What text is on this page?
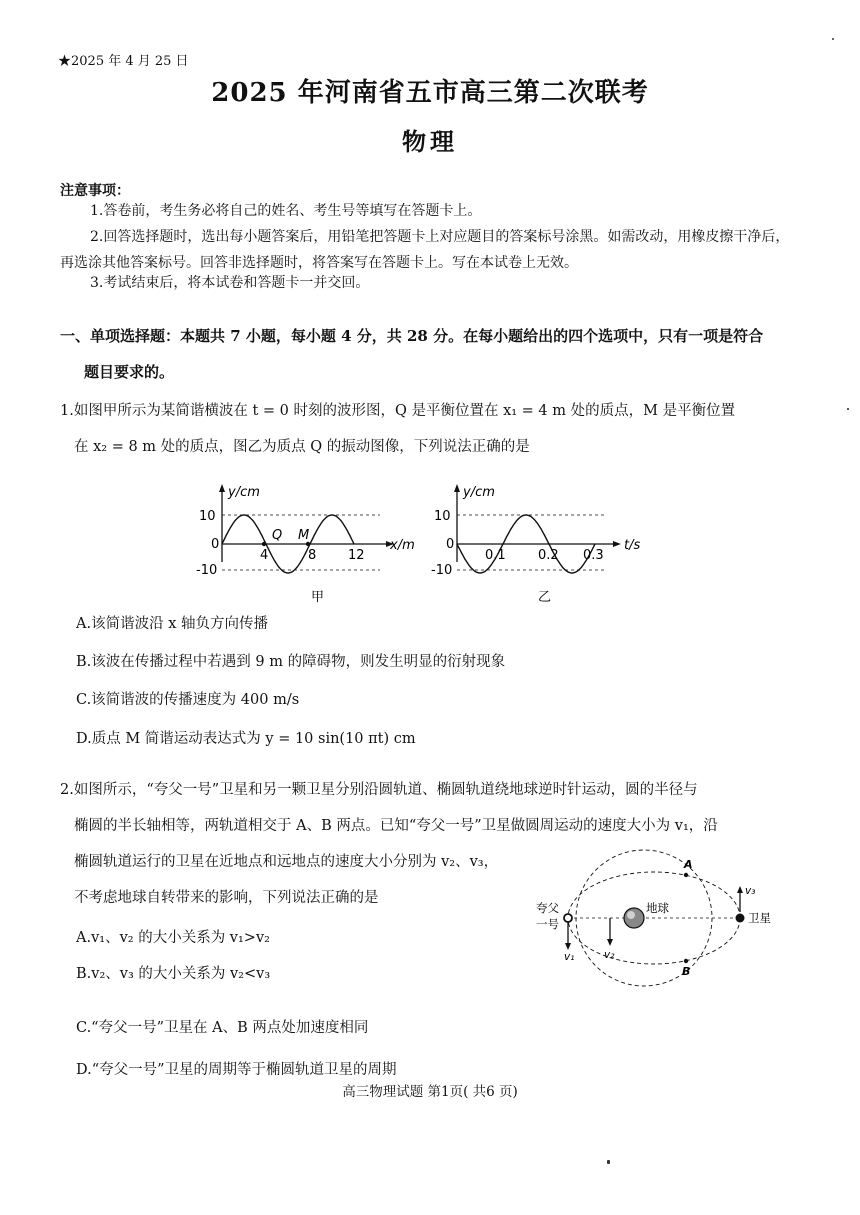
★2025 年 4 月 25 日
2025 年河南省五市高三第二次联考
物理
注意事项：
1.答卷前，考生务必将自己的姓名、考生号等填写在答题卡上。
2.回答选择题时，选出每小题答案后，用铅笔把答题卡上对应题目的答案标号涂黑。如需改动，用橡皮擦干净后，再选涂其他答案标号。回答非选择题时，将答案写在答题卡上。写在本试卷上无效。
3.考试结束后，将本试卷和答题卡一并交回。
一、单项选择题：本题共 7 小题，每小题 4 分，共 28 分。在每小题给出的四个选项中，只有一项是符合
题目要求的。
1.如图甲所示为某简谐横波在 t = 0 时刻的波形图，Q 是平衡位置在 x₁ = 4 m 处的质点，M 是平衡位置
在 x₂ = 8 m 处的质点，图乙为质点 Q 的振动图像，下列说法正确的是
y/cm
x/m
10
0
-10
4	8 12
Q M
甲
y/cm
t/s
10
0
-10
0.1 0.2 0.3
乙
A.该简谐波沿 x 轴负方向传播
B.该波在传播过程中若遇到 9 m 的障碍物，则发生明显的衍射现象
C.该简谐波的传播速度为 400 m/s
D.质点 M 简谐运动表达式为 y = 10 sin(10 πt) cm
2.如图所示，“夸父一号”卫星和另一颗卫星分别沿圆轨道、椭圆轨道绕地球逆时针运动，圆的半径与
椭圆的半长轴相等，两轨道相交于 A、B 两点。已知“夸父一号”卫星做圆周运动的速度大小为 v₁，沿
椭圆轨道运行的卫星在近地点和远地点的速度大小分别为 v₂、v₃，
不考虑地球自转带来的影响，下列说法正确的是
A.v₁、v₂ 的大小关系为 v₁>v₂
B.v₂、v₃ 的大小关系为 v₂<v₃
C.“夸父一号”卫星在 A、B 两点处加速度相同
D.“夸父一号”卫星的周期等于椭圆轨道卫星的周期
地球
夸父
一号	卫星
A
B
v₁	v₂
v₃
高三物理试题 第1页( 共6 页)
